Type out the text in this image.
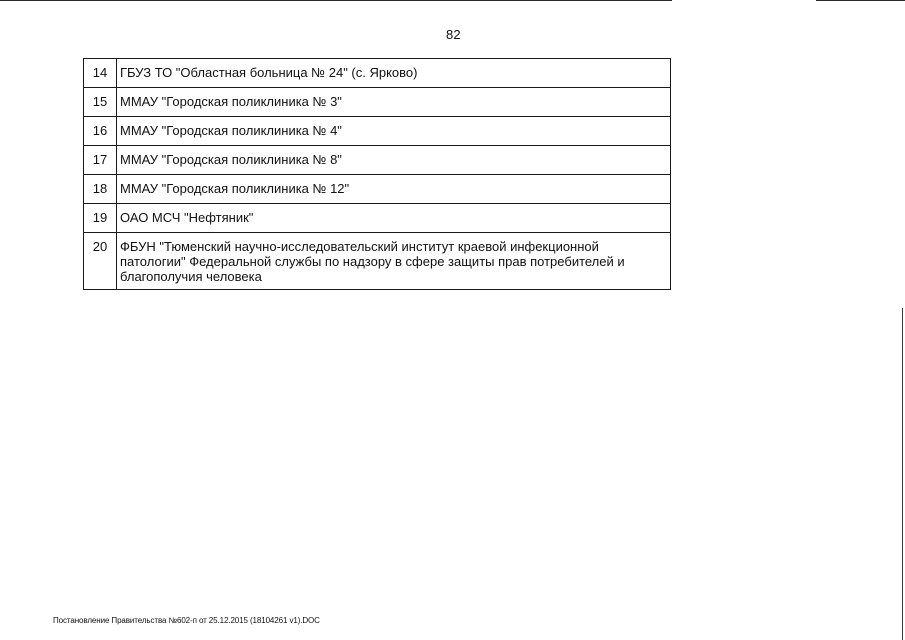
82
14	ГБУЗ ТО "Областная больница № 24" (с. Ярково)
15	ММАУ "Городская поликлиника № 3"
16	ММАУ "Городская поликлиника № 4"
17	ММАУ "Городская поликлиника № 8"
18	ММАУ "Городская поликлиника № 12"
19	ОАО МСЧ "Нефтяник"
20	ФБУН "Тюменский научно-исследовательский институт краевой инфекционной патологии" Федеральной службы по надзору в сфере защиты прав потребителей и благополучия человека
Постановление Правительства №602-п от 25.12.2015 (18104261 v1).DOC
